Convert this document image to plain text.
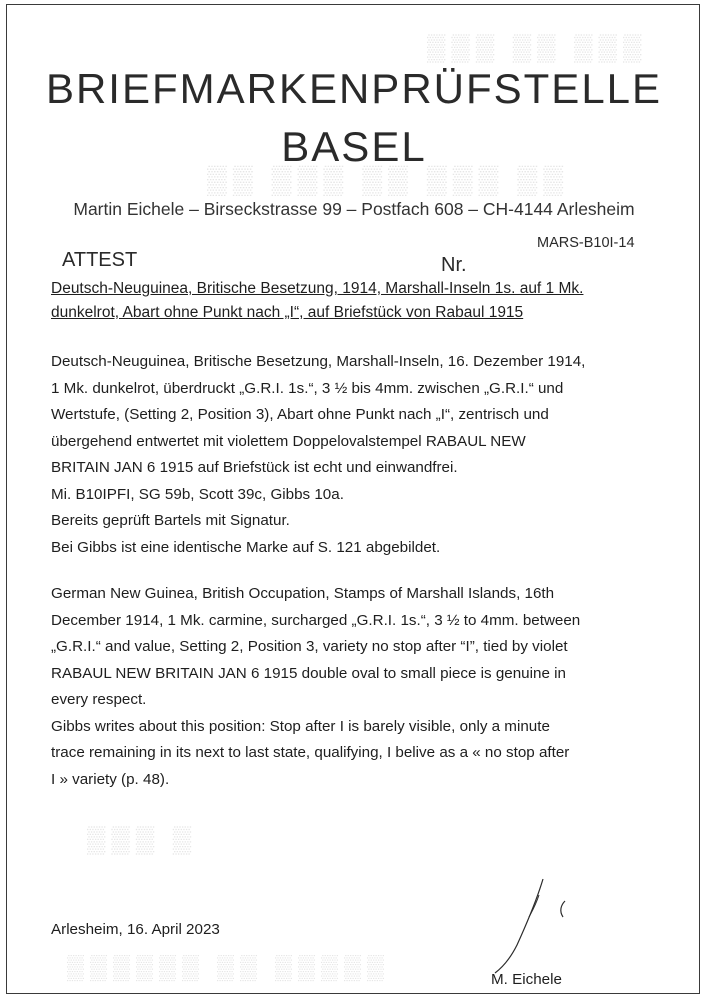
▒▒▒ ▒▒ ▒▒▒
▒▒ ▒▒▒ ▒▒ ▒▒▒ ▒▒
▒▒▒ ▒
▒▒▒▒▒▒ ▒▒ ▒▒▒▒▒
BRIEFMARKENPRÜFSTELLE
BASEL
Martin Eichele – Birseckstrasse 99 – Postfach 608 – CH-4144 Arlesheim
MARS-B10I-14
ATTEST	Nr.
Deutsch-Neuguinea, Britische Besetzung, 1914, Marshall-Inseln 1s. auf 1 Mk.
dunkelrot, Abart ohne Punkt nach „I“, auf Briefstück von Rabaul 1915
Deutsch-Neuguinea, Britische Besetzung, Marshall-Inseln, 16. Dezember 1914,
1 Mk. dunkelrot, überdruckt „G.R.I. 1s.“, 3 ½ bis 4mm. zwischen „G.R.I.“ und
Wertstufe, (Setting 2, Position 3), Abart ohne Punkt nach „I“, zentrisch und
übergehend entwertet mit violettem Doppelovalstempel RABAUL NEW
BRITAIN JAN 6 1915 auf Briefstück ist echt und einwandfrei.
Mi. B10IPFI, SG 59b, Scott 39c, Gibbs 10a.
Bereits geprüft Bartels mit Signatur.
Bei Gibbs ist eine identische Marke auf S. 121 abgebildet.
German New Guinea, British Occupation, Stamps of Marshall Islands, 16th
December 1914, 1 Mk. carmine, surcharged „G.R.I. 1s.“, 3 ½ to 4mm. between
„G.R.I.“ and value, Setting 2, Position 3, variety no stop after “I”, tied by violet
RABAUL NEW BRITAIN JAN 6 1915 double oval to small piece is genuine in
every respect.
Gibbs writes about this position: Stop after I is barely visible, only a minute
trace remaining in its next to last state, qualifying, I belive as a « no stop after
I » variety (p. 48).
Arlesheim, 16. April 2023
M. Eichele
